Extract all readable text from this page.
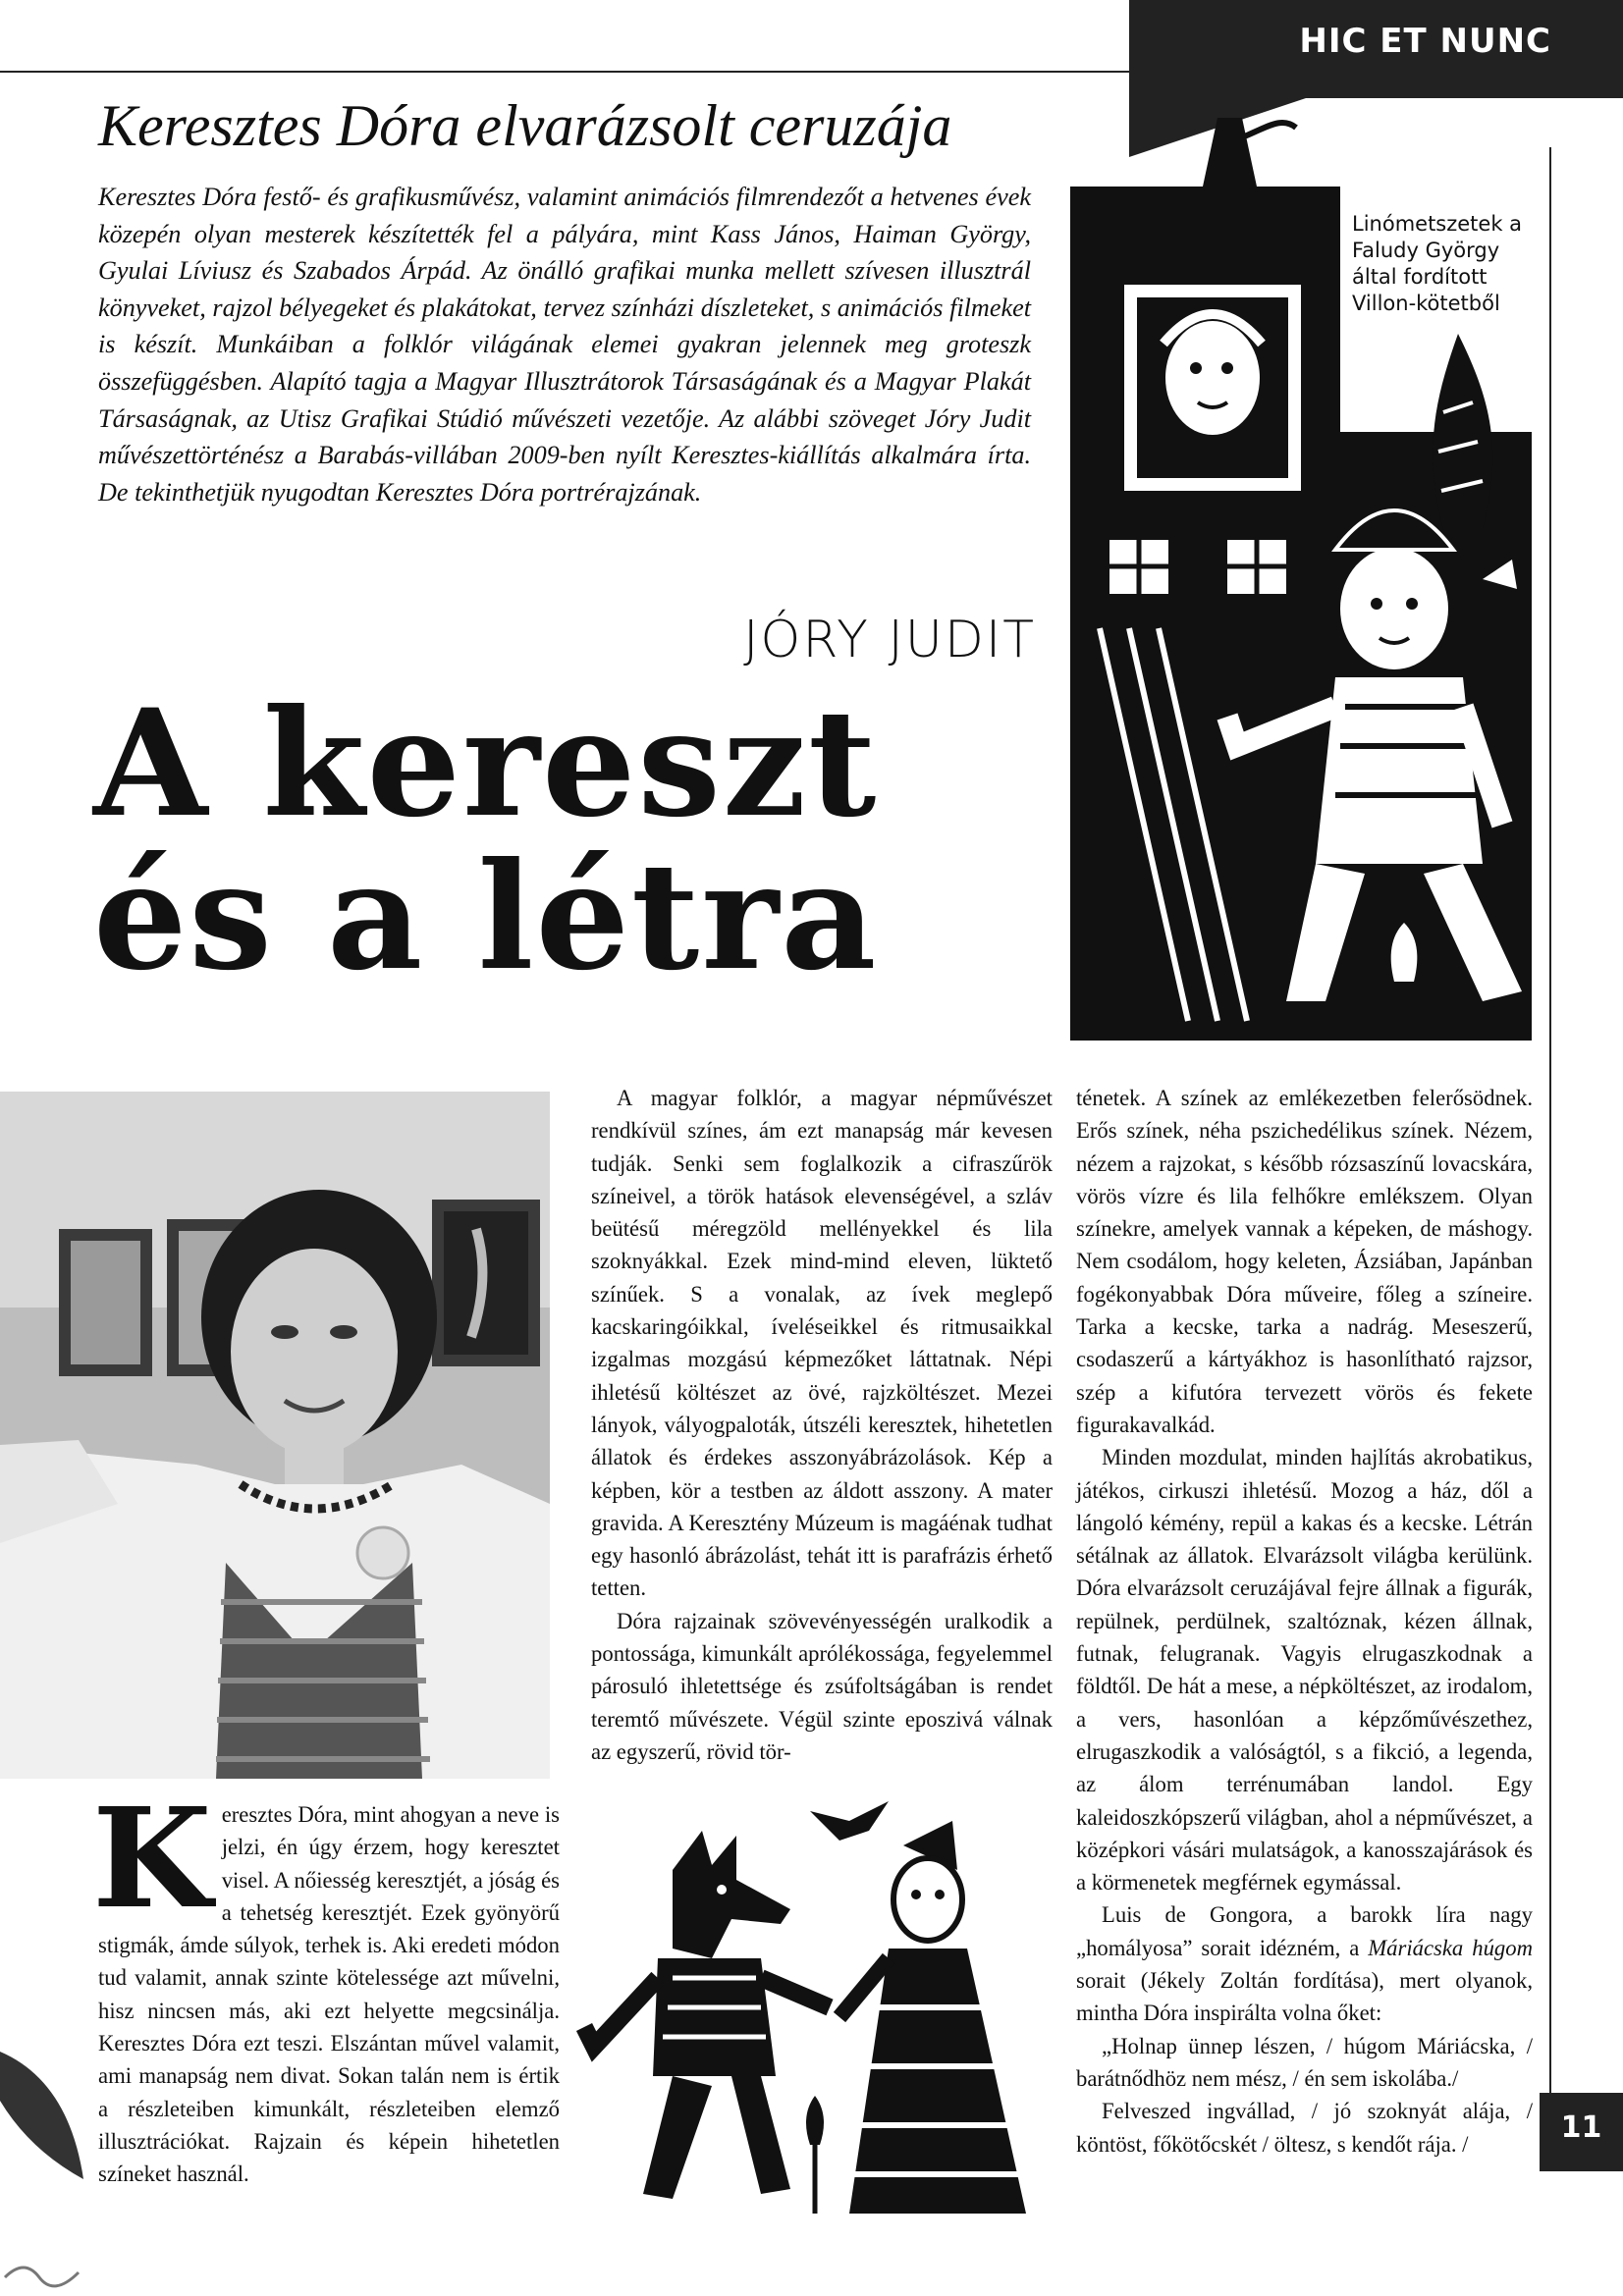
HIC ET NUNC
Keresztes Dóra elvarázsolt ceruzája
Keresztes Dóra festő- és grafikusművész, valamint animációs filmrendezőt a hetvenes évek közepén olyan mesterek készítették fel a pályára, mint Kass János, Haiman György, Gyulai Líviusz és Szabados Árpád. Az önálló grafikai munka mellett szívesen illusztrál könyveket, rajzol bélyegeket és plakátokat, tervez színházi díszleteket, s animációs filmeket is készít. Munkáiban a folklór világának elemei gyakran jelennek meg groteszk összefüggésben. Alapító tagja a Magyar Illusztrátorok Társaságának és a Magyar Plakát Társaságnak, az Utisz Grafikai Stúdió művészeti vezetője. Az alábbi szöveget Jóry Judit művészettörténész a Barabás-villában 2009-ben nyílt Keresztes-kiállítás alkalmára írta. De tekinthetjük nyugodtan Keresztes Dóra portrérajzának.
JÓRY JUDIT
A kereszt
és a létra
Linómetszetek a Faludy György által fordított Villon-kötetből

A magyar folklór, a magyar népművészet rendkívül színes, ám ezt manapság már kevesen tudják. Senki sem foglalkozik a cifraszűrök színeivel, a török hatások elevenségével, a szláv beütésű méregzöld mellényekkel és lila szoknyákkal. Ezek mind-mind eleven, lüktető színűek. S a vonalak, az ívek meglepő kacskaringóikkal, íveléseikkel és ritmusaikkal izgalmas mozgású képmezőket láttatnak. Népi ihletésű költészet az övé, rajzköltészet. Mezei lányok, vályogpaloták, útszéli keresztek, hihetetlen állatok és érdekes asszonyábrázolások. Kép a képben, kör a testben az áldott asszony. A mater gravida. A Keresztény Múzeum is magáénak tudhat egy hasonló ábrázolást, tehát itt is parafrázis érhető tetten.

Dóra rajzainak szövevényességén uralkodik a pontossága, kimunkált aprólékossága, fegyelemmel párosuló ihletettsége és zsúfoltságában is rendet teremtő művészete. Végül szinte eposzivá válnak az egyszerű, rövid tör-

ténetek. A színek az emlékezetben felerősödnek. Erős színek, néha pszichedélikus színek. Nézem, nézem a rajzokat, s később rózsaszínű lovacskára, vörös vízre és lila felhőkre emlékszem. Olyan színekre, amelyek vannak a képeken, de máshogy. Nem csodálom, hogy keleten, Ázsiában, Japánban fogékonyabbak Dóra műveire, főleg a színeire. Tarka a kecske, tarka a nadrág. Meseszerű, csodaszerű a kártyákhoz is hasonlítható rajzsor, szép a kifutóra tervezett vörös és fekete figurakavalkád.

Minden mozdulat, minden hajlítás akrobatikus, játékos, cirkuszi ihletésű. Mozog a ház, dől a lángoló kémény, repül a kakas és a kecske. Létrán sétálnak az állatok. Elvarázsolt világba kerülünk. Dóra elvarázsolt ceruzájával fejre állnak a figurák, repülnek, perdülnek, szaltóznak, kézen állnak, futnak, felugranak. Vagyis elrugaszkodnak a földtől. De hát a mese, a népköltészet, az irodalom, a vers, hasonlóan a képzőművészethez, elrugaszkodik a valóságtól, s a fikció, a legenda, az álom terrénumában landol. Egy kaleidoszkópszerű világban, ahol a népművészet, a középkori vásári mulatságok, a kanosszajárások és a körmenetek megférnek egymással.

Luis de Gongora, a barokk líra nagy „homályosa” sorait idézném, a Máriácska húgom sorait (Jékely Zoltán fordítása), mert olyanok, mintha Dóra inspirálta volna őket:

„Holnap ünnep lészen, / húgom Máriácska, / barátnődhöz nem mész, / én sem iskolába./

Felveszed ingvállad, / jó szoknyát alája, / köntöst, főkötőcskét / öltesz, s kendőt rája. /

K eresztes Dóra, mint ahogyan a neve is jelzi, én úgy érzem, hogy keresztet visel. A nőiesség keresztjét, a jóság és a tehetség keresztjét. Ezek gyönyörű stigmák, ámde súlyok, terhek is. Aki eredeti módon tud valamit, annak szinte kötelessége azt művelni, hisz nincsen más, aki ezt helyette megcsinálja. Keresztes Dóra ezt teszi. Elszántan művel valamit, ami manapság nem divat. Sokan talán nem is értik a részleteiben kimunkált, részleteiben elemző illusztrációkat. Rajzain és képein hihetetlen színeket használ.
11
